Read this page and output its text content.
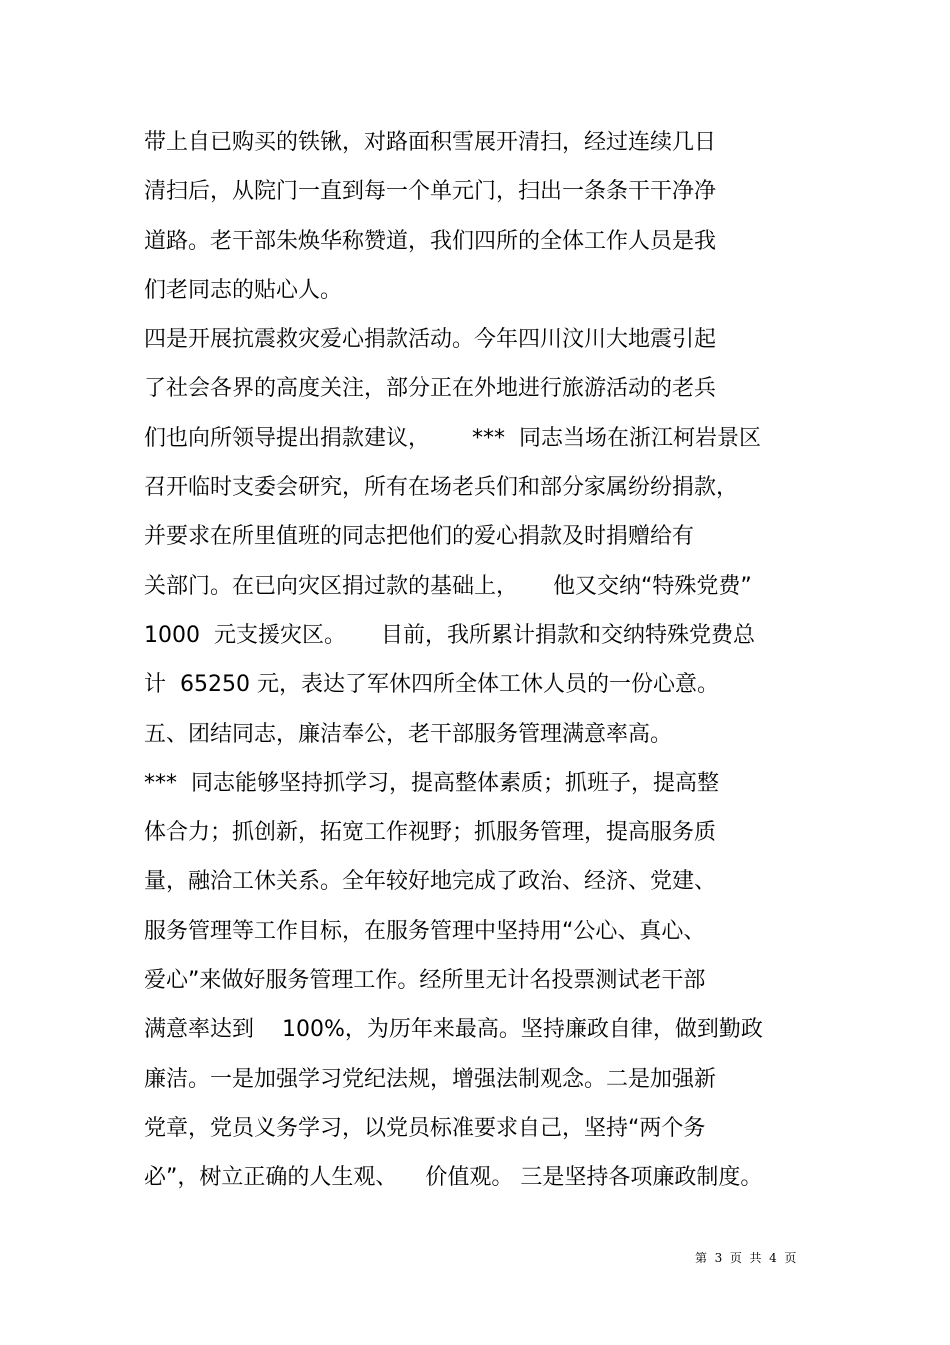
带上自已购买的铁锹，对路面积雪展开清扫，经过连续几日
清扫后，从院门一直到每一个单元门，扫出一条条干干净净
道路。老干部朱焕华称赞道，我们四所的全体工作人员是我
们老同志的贴心人。
四是开展抗震救灾爱心捐款活动。今年四川汶川大地震引起
了社会各界的高度关注，部分正在外地进行旅游活动的老兵
们也向所领导提出捐款建议，      ***  同志当场在浙江柯岩景区
召开临时支委会研究，所有在场老兵们和部分家属纷纷捐款，
并要求在所里值班的同志把他们的爱心捐款及时捐赠给有
关部门。在已向灾区捐过款的基础上，     他又交纳“特殊党费”
1000  元支援灾区。     目前，我所累计捐款和交纳特殊党费总
计  65250 元，表达了军休四所全体工休人员的一份心意。
五、团结同志，廉洁奉公，老干部服务管理满意率高。
***  同志能够坚持抓学习，提高整体素质；抓班子，提高整
体合力；抓创新，拓宽工作视野；抓服务管理，提高服务质
量，融洽工休关系。全年较好地完成了政治、经济、党建、
服务管理等工作目标，在服务管理中坚持用“公心、真心、
爱心”来做好服务管理工作。经所里无计名投票测试老干部
满意率达到    100%，为历年来最高。坚持廉政自律，做到勤政
廉洁。一是加强学习党纪法规，增强法制观念。二是加强新
党章，党员义务学习，以党员标准要求自己，坚持“两个务
必”，树立正确的人生观、    价值观。 三是坚持各项廉政制度。
第  3  页  共  4  页
